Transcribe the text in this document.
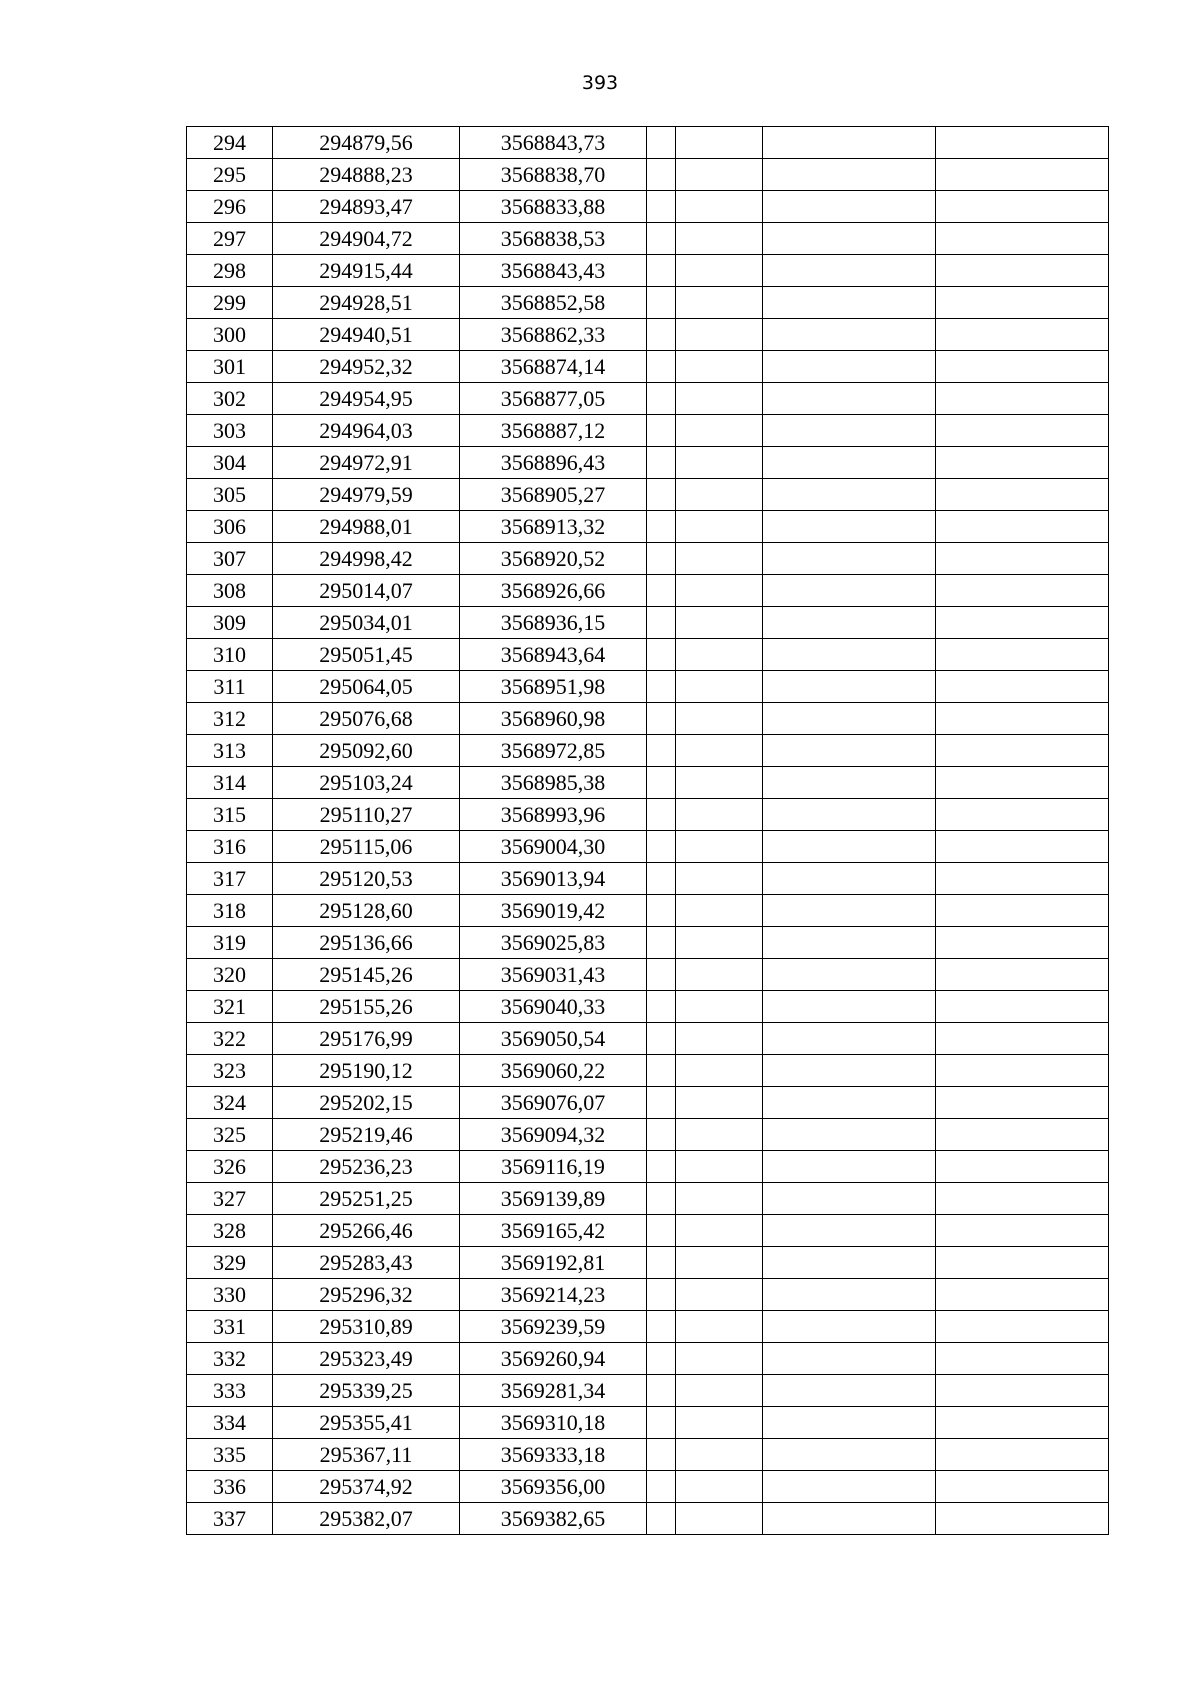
393
294	294879,56	3568843,73				
295	294888,23	3568838,70				
296	294893,47	3568833,88				
297	294904,72	3568838,53				
298	294915,44	3568843,43				
299	294928,51	3568852,58				
300	294940,51	3568862,33				
301	294952,32	3568874,14				
302	294954,95	3568877,05				
303	294964,03	3568887,12				
304	294972,91	3568896,43				
305	294979,59	3568905,27				
306	294988,01	3568913,32				
307	294998,42	3568920,52				
308	295014,07	3568926,66				
309	295034,01	3568936,15				
310	295051,45	3568943,64				
311	295064,05	3568951,98				
312	295076,68	3568960,98				
313	295092,60	3568972,85				
314	295103,24	3568985,38				
315	295110,27	3568993,96				
316	295115,06	3569004,30				
317	295120,53	3569013,94				
318	295128,60	3569019,42				
319	295136,66	3569025,83				
320	295145,26	3569031,43				
321	295155,26	3569040,33				
322	295176,99	3569050,54				
323	295190,12	3569060,22				
324	295202,15	3569076,07				
325	295219,46	3569094,32				
326	295236,23	3569116,19				
327	295251,25	3569139,89				
328	295266,46	3569165,42				
329	295283,43	3569192,81				
330	295296,32	3569214,23				
331	295310,89	3569239,59				
332	295323,49	3569260,94				
333	295339,25	3569281,34				
334	295355,41	3569310,18				
335	295367,11	3569333,18				
336	295374,92	3569356,00				
337	295382,07	3569382,65				
